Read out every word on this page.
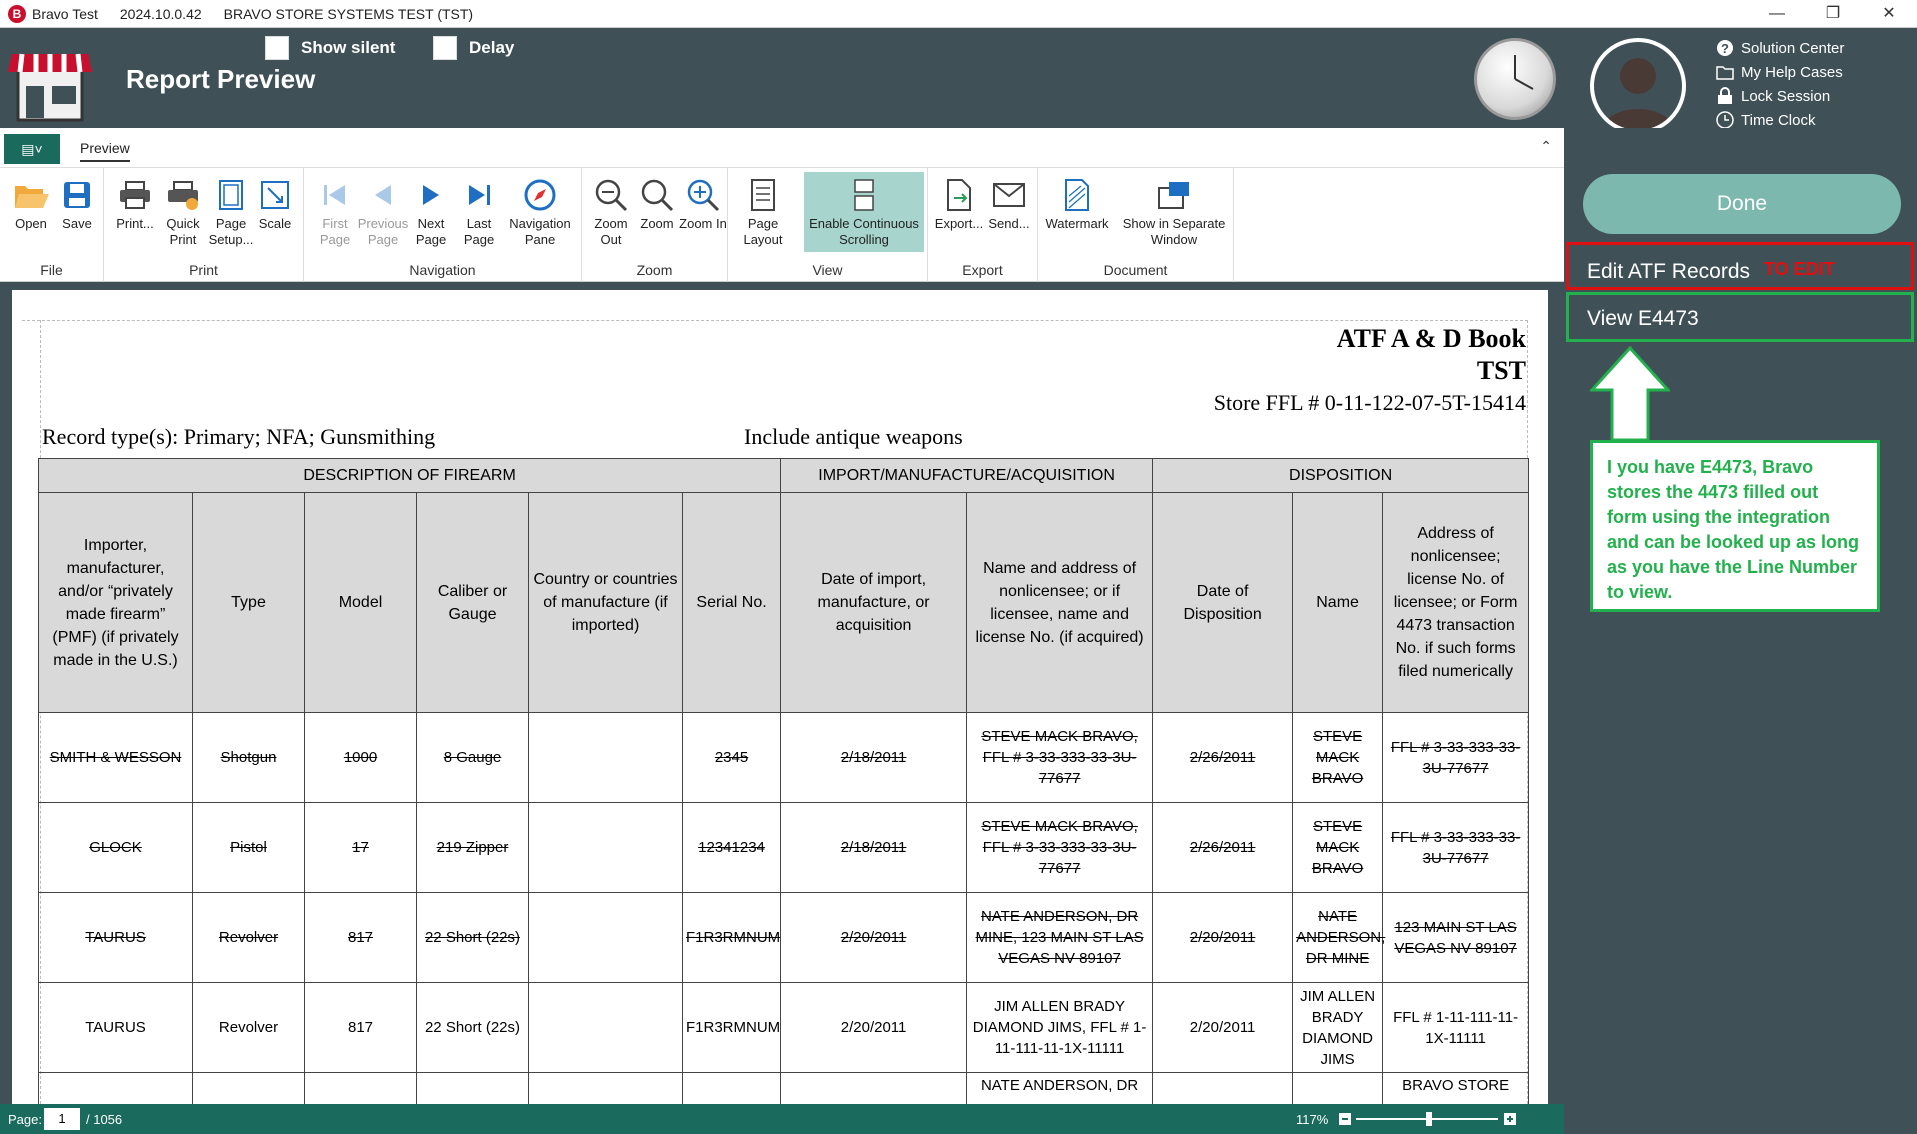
B Bravo Test 2024.10.0.42 BRAVO STORE SYSTEMS TEST (TST)	—	❐	✕
Show silent	Delay
Report Preview
? Solution Center
My Help Cases
Lock Session
Time Clock
▤˅	Preview	⌃
Open	Save
File
Print... Quick Print
Page Setup...
Scale
Print
First Page
Previous Page
Next Page
Last Page
Navigation Pane
Navigation
Zoom Out
Zoom Zoom In
Zoom
Page Layout
Enable Continuous Scrolling
View
Export... Send...
Export
Watermark	Show in Separate Window
Document
ATF A & D Book
TST
Store FFL # 0-11-122-07-5T-15414
Record type(s): Primary; NFA; Gunsmithing	Include antique weapons
DESCRIPTION OF FIREARM						IMPORT/MANUFACTURE/ACQUISITION		DISPOSITION		
Importer, manufacturer, and/or “privately made firearm” (PMF) (if privately made in the U.S.)	Type	Model	Caliber or Gauge	Country or countries of manufacture (if imported)	Serial No.	Date of import, manufacture, or acquisition	Name and address of nonlicensee; or if licensee, name and license No. (if acquired)	Date of Disposition	Name	Address of nonlicensee; license No. of licensee; or Form 4473 transaction No. if such forms filed numerically
SMITH & WESSON	Shotgun	1000	8 Gauge		2345	2/18/2011	STEVE MACK BRAVO, FFL # 3-33-333-33-3U-77677	2/26/2011	STEVE MACK BRAVO	FFL # 3-33-333-33-3U-77677
GLOCK	Pistol	17	219 Zipper		12341234	2/18/2011	STEVE MACK BRAVO, FFL # 3-33-333-33-3U-77677	2/26/2011	STEVE MACK BRAVO	FFL # 3-33-333-33-3U-77677
TAURUS	Revolver	817	22 Short (22s)		F1R3RMNUM	2/20/2011	NATE ANDERSON, DR MINE, 123 MAIN ST LAS VEGAS NV 89107	2/20/2011	NATE ANDERSON, DR MINE	123 MAIN ST LAS VEGAS NV 89107
TAURUS	Revolver	817	22 Short (22s)		F1R3RMNUM	2/20/2011	JIM ALLEN BRADY DIAMOND JIMS, FFL # 1-11-111-11-1X-11111	2/20/2011	JIM ALLEN BRADY DIAMOND JIMS	FFL # 1-11-111-11-1X-11111
							NATE ANDERSON, DR			BRAVO STORE
Page:	1	/ 1056	117%
Done
Edit ATF Records TO EDIT
View E4473
I you have E4473, Bravo stores the 4473 filled out form using the integration and can be looked up as long as you have the Line Number to view.
